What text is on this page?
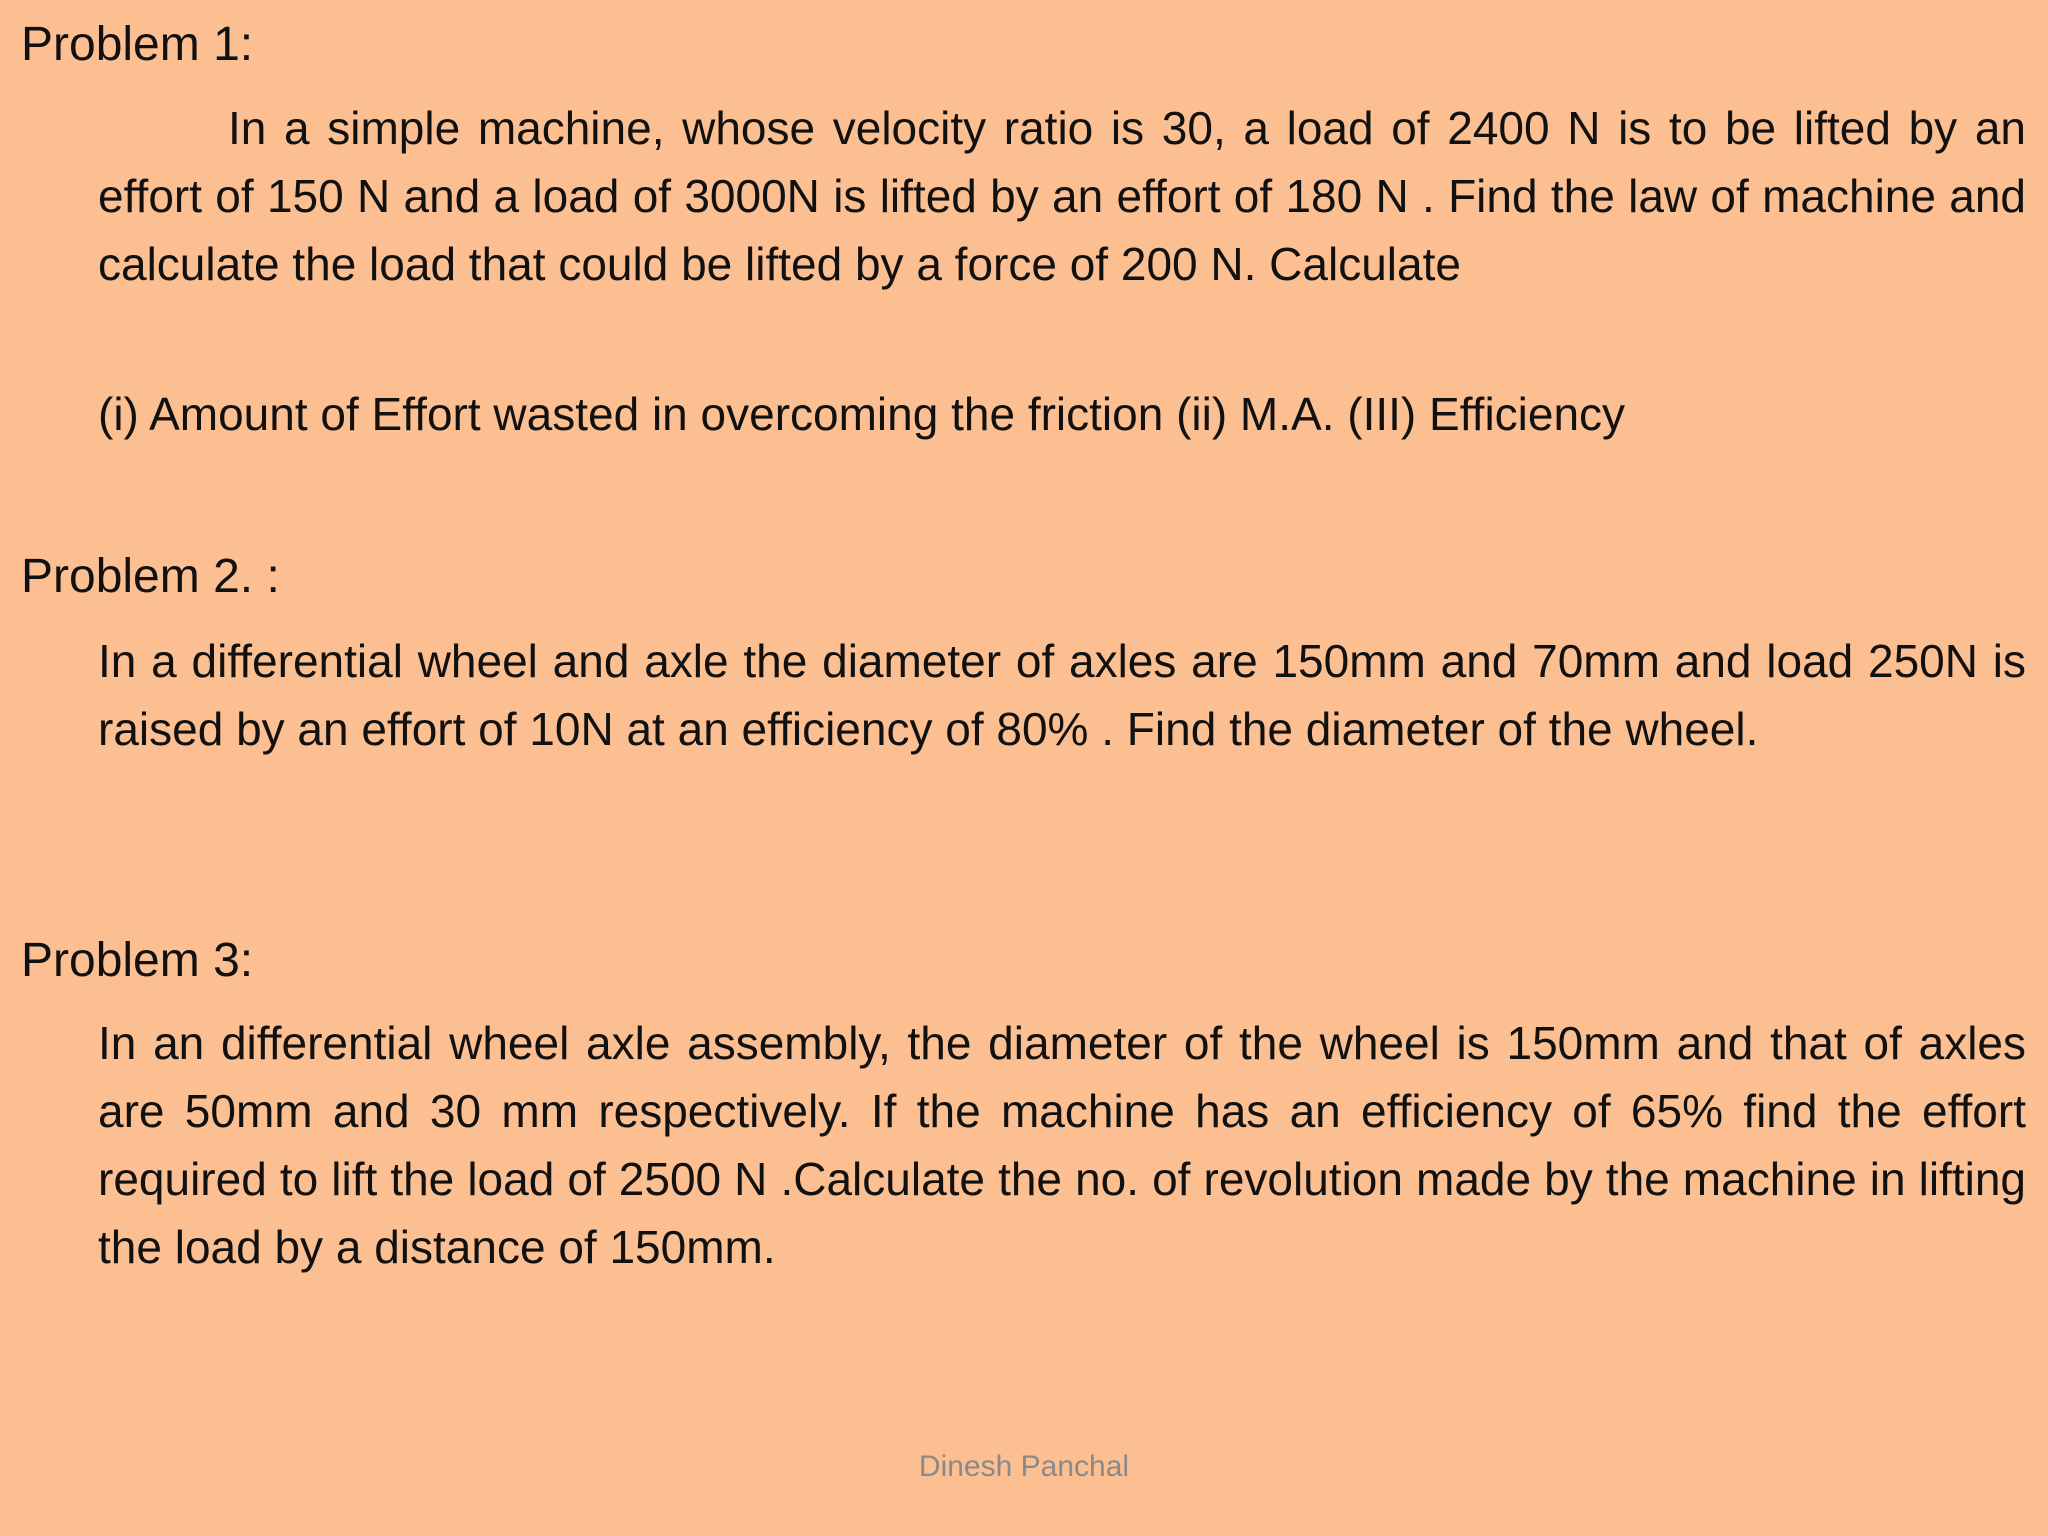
Problem 1:

In a simple machine, whose velocity ratio is 30, a load of 2400 N is to be lifted by an effort of 150 N and a load of 3000N is lifted by an effort of 180 N . Find the law of machine and calculate the load that could be lifted by a force of 200 N. Calculate

(i) Amount of Effort wasted in overcoming the friction (ii) M.A. (III) Efficiency

Problem 2. :

In a differential wheel and axle the diameter of axles are 150mm and 70mm and load 250N is raised by an effort of 10N at an efficiency of 80% . Find the diameter of the wheel.

Problem 3:

In an differential wheel axle assembly, the diameter of the wheel is 150mm and that of axles are 50mm and 30 mm respectively. If the machine has an efficiency of 65% find the effort required to lift the load of 2500 N .Calculate the no. of revolution made by the machine in lifting the load by a distance of 150mm.

Dinesh Panchal
